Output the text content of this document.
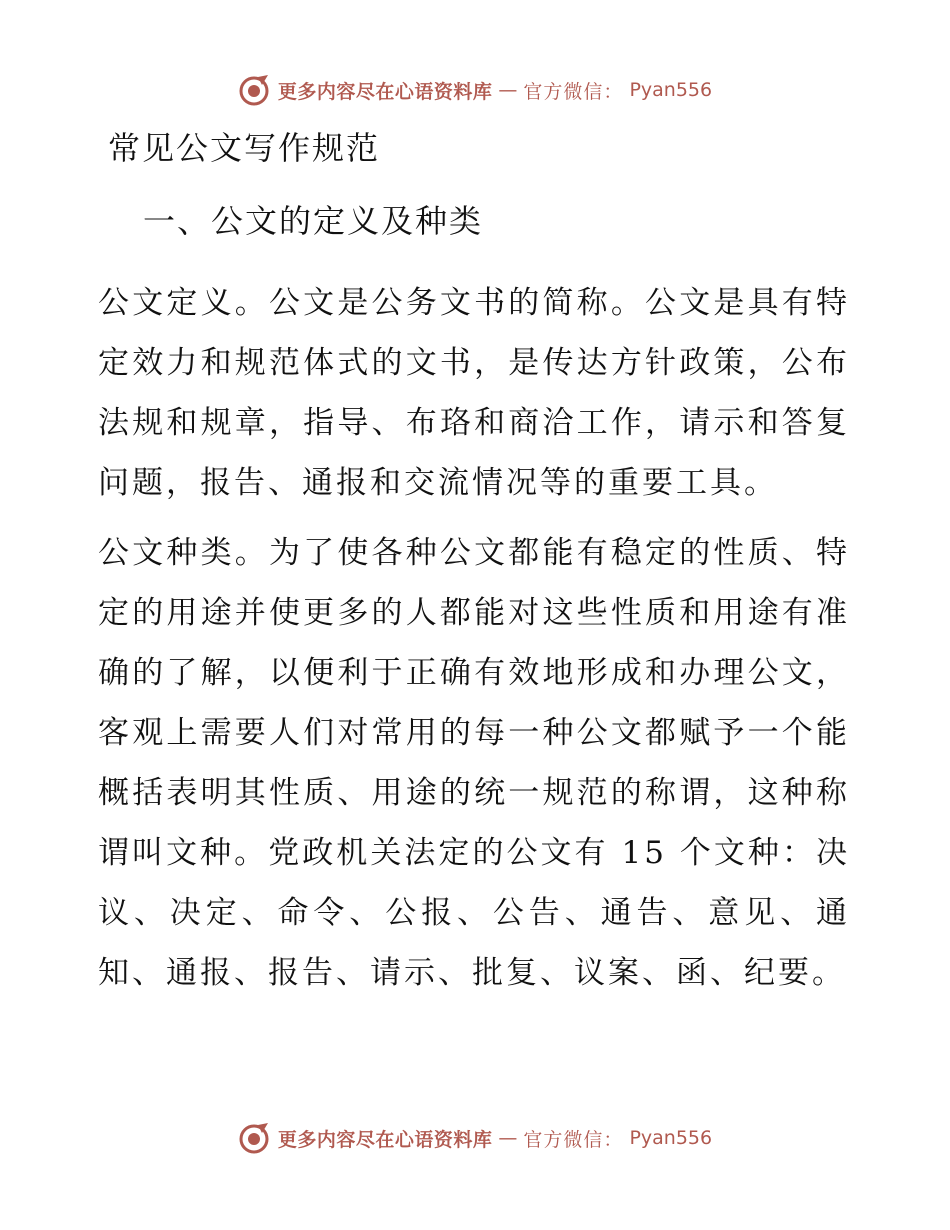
更多内容尽在心语资料库 — 官方微信： Pyan556
常见公文写作规范
一、公文的定义及种类

公文定义。公文是公务文书的简称。公文是具有特定效力和规范体式的文书，是传达方针政策，公布法规和规章，指导、布珞和商洽工作，请示和答复问题，报告、通报和交流情况等的重要工具。

公文种类。为了使各种公文都能有稳定的性质、特定的用途并使更多的人都能对这些性质和用途有准确的了解，以便利于正确有效地形成和办理公文，客观上需要人们对常用的每一种公文都赋予一个能概括表明其性质、用途的统一规范的称谓，这种称谓叫文种。党政机关法定的公文有 15 个文种：决议、决定、命令、公报、公告、通告、意见、通知、通报、报告、请示、批复、议案、函、纪要。

更多内容尽在心语资料库 — 官方微信： Pyan556
